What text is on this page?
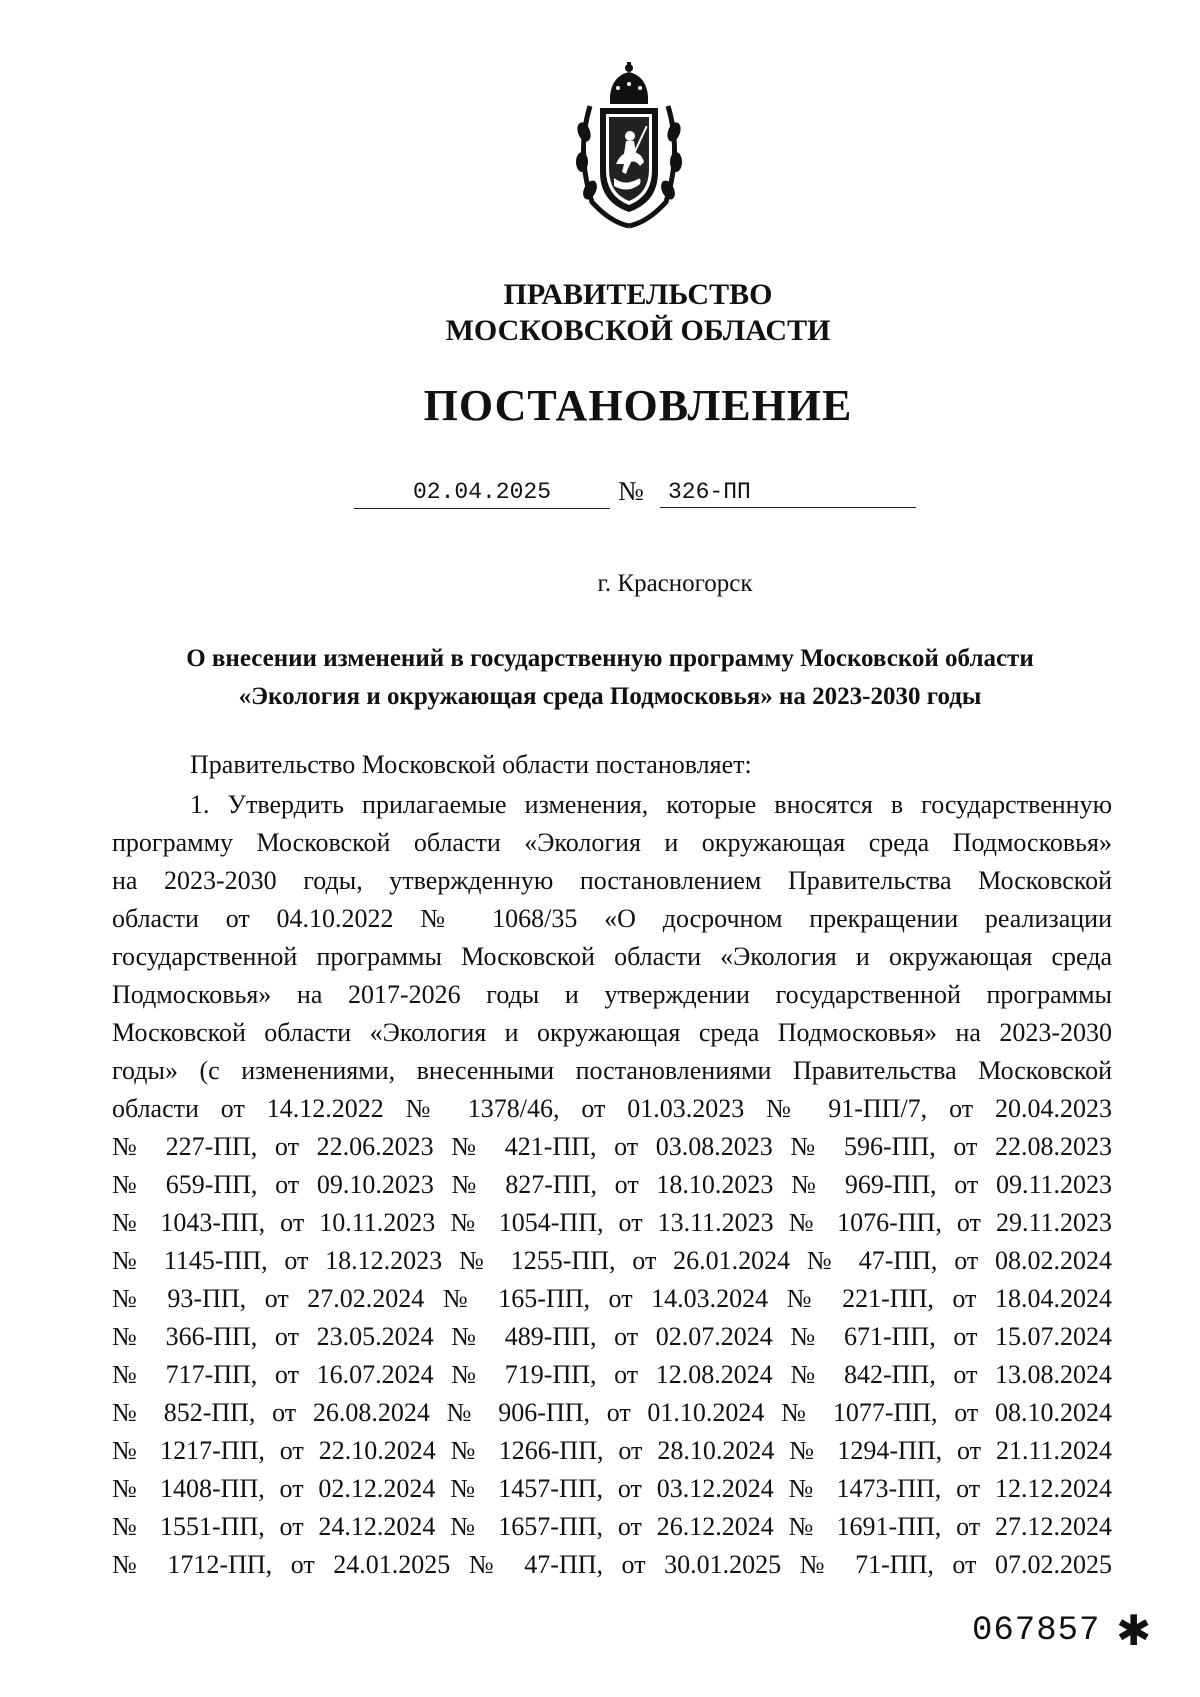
ПРАВИТЕЛЬСТВО
МОСКОВСКОЙ ОБЛАСТИ
ПОСТАНОВЛЕНИЕ
02.04.2025	№	326-ПП
г. Красногорск
О внесении изменений в государственную программу Московской области
«Экология и окружающая среда Подмосковья» на 2023-2030 годы
Правительство Московской области постановляет:
1. Утвердить прилагаемые изменения, которые вносятся в государственную
программу Московской области «Экология и окружающая среда Подмосковья»
на 2023-2030 годы, утвержденную постановлением Правительства Московской
области от 04.10.2022 № 1068/35 «О досрочном прекращении реализации
государственной программы Московской области «Экология и окружающая среда
Подмосковья» на 2017-2026 годы и утверждении государственной программы
Московской области «Экология и окружающая среда Подмосковья» на 2023-2030
годы» (с изменениями, внесенными постановлениями Правительства Московской
области от 14.12.2022 № 1378/46, от 01.03.2023 № 91-ПП/7, от 20.04.2023
№ 227-ПП, от 22.06.2023 № 421-ПП, от 03.08.2023 № 596-ПП, от 22.08.2023
№ 659-ПП, от 09.10.2023 № 827-ПП, от 18.10.2023 № 969-ПП, от 09.11.2023
№ 1043-ПП, от 10.11.2023 № 1054-ПП, от 13.11.2023 № 1076-ПП, от 29.11.2023
№ 1145-ПП, от 18.12.2023 № 1255-ПП, от 26.01.2024 № 47-ПП, от 08.02.2024
№ 93-ПП, от 27.02.2024 № 165-ПП, от 14.03.2024 № 221-ПП, от 18.04.2024
№ 366-ПП, от 23.05.2024 № 489-ПП, от 02.07.2024 № 671-ПП, от 15.07.2024
№ 717-ПП, от 16.07.2024 № 719-ПП, от 12.08.2024 № 842-ПП, от 13.08.2024
№ 852-ПП, от 26.08.2024 № 906-ПП, от 01.10.2024 № 1077-ПП, от 08.10.2024
№ 1217-ПП, от 22.10.2024 № 1266-ПП, от 28.10.2024 № 1294-ПП, от 21.11.2024
№ 1408-ПП, от 02.12.2024 № 1457-ПП, от 03.12.2024 № 1473-ПП, от 12.12.2024
№ 1551-ПП, от 24.12.2024 № 1657-ПП, от 26.12.2024 № 1691-ПП, от 27.12.2024
№ 1712-ПП, от 24.01.2025 № 47-ПП, от 30.01.2025 № 71-ПП, от 07.02.2025
067857 ✱
